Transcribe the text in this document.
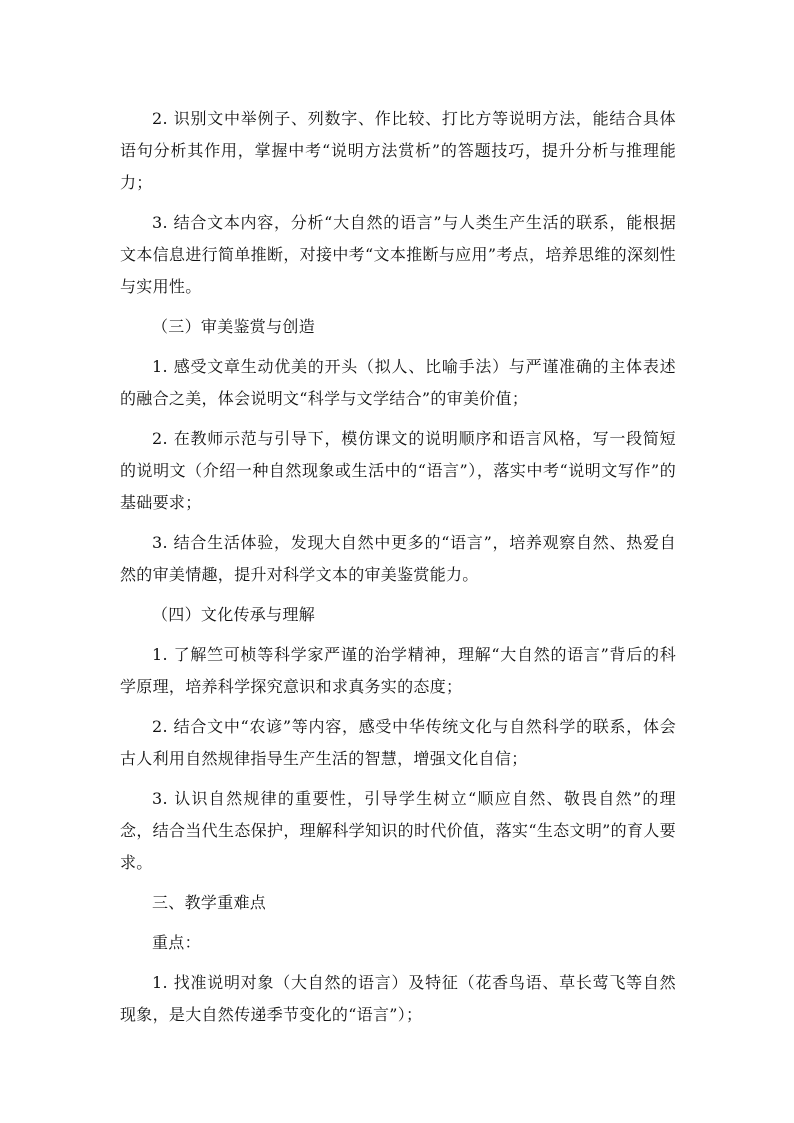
2. 识别文中举例子、列数字、作比较、打比方等说明方法，能结合具体语句分析其作用，掌握中考“说明方法赏析”的答题技巧，提升分析与推理能力；

3. 结合文本内容，分析“大自然的语言”与人类生产生活的联系，能根据文本信息进行简单推断，对接中考“文本推断与应用”考点，培养思维的深刻性与实用性。

（三）审美鉴赏与创造

1. 感受文章生动优美的开头（拟人、比喻手法）与严谨准确的主体表述的融合之美，体会说明文“科学与文学结合”的审美价值；

2. 在教师示范与引导下，模仿课文的说明顺序和语言风格，写一段简短的说明文（介绍一种自然现象或生活中的“语言”），落实中考“说明文写作”的基础要求；

3. 结合生活体验，发现大自然中更多的“语言”，培养观察自然、热爱自然的审美情趣，提升对科学文本的审美鉴赏能力。

（四）文化传承与理解

1. 了解竺可桢等科学家严谨的治学精神，理解“大自然的语言”背后的科学原理，培养科学探究意识和求真务实的态度；

2. 结合文中“农谚”等内容，感受中华传统文化与自然科学的联系，体会古人利用自然规律指导生产生活的智慧，增强文化自信；

3. 认识自然规律的重要性，引导学生树立“顺应自然、敬畏自然”的理念，结合当代生态保护，理解科学知识的时代价值，落实“生态文明”的育人要求。

三、教学重难点

重点：

1. 找准说明对象（大自然的语言）及特征（花香鸟语、草长莺飞等自然现象，是大自然传递季节变化的“语言”）；
